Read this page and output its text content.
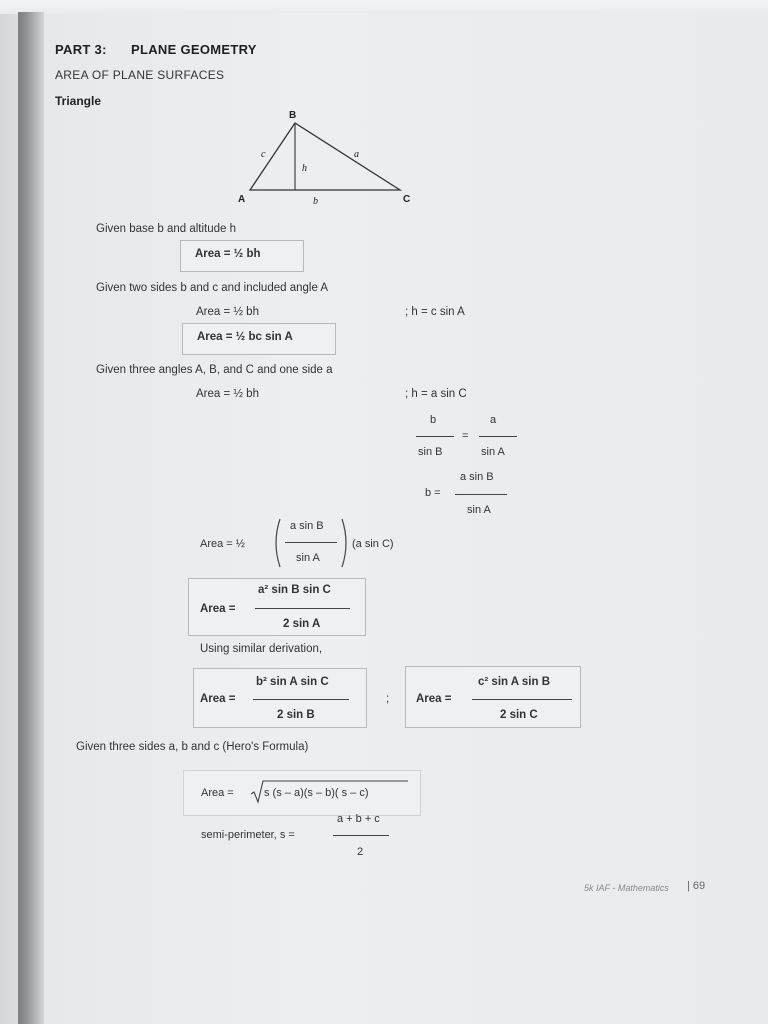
PART 3: PLANE GEOMETRY
AREA OF PLANE SURFACES
Triangle
B
A	C
c	a
b
h
Given base b and altitude h
Area = ½ bh
Given two sides b and c and included angle A
Area = ½ bh	; h = c sin A
Area = ½ bc sin A
Given three angles A, B, and C and one side a
Area = ½ bh	; h = a sin C
b
sin B
=
a
sin A
b =
a sin B
sin A
Area = ½
a sin B
sin A
(a sin C)
Area =
a² sin B sin C
2 sin A
Using similar derivation,
Area =
b² sin A sin C
2 sin B
; Area =
c² sin A sin B
2 sin C
Given three sides a, b and c (Hero's Formula)
Area =	s (s – a)(s – b)( s – c)
semi-perimeter, s =
a + b + c
2
5k IAF - Mathematics | 69
